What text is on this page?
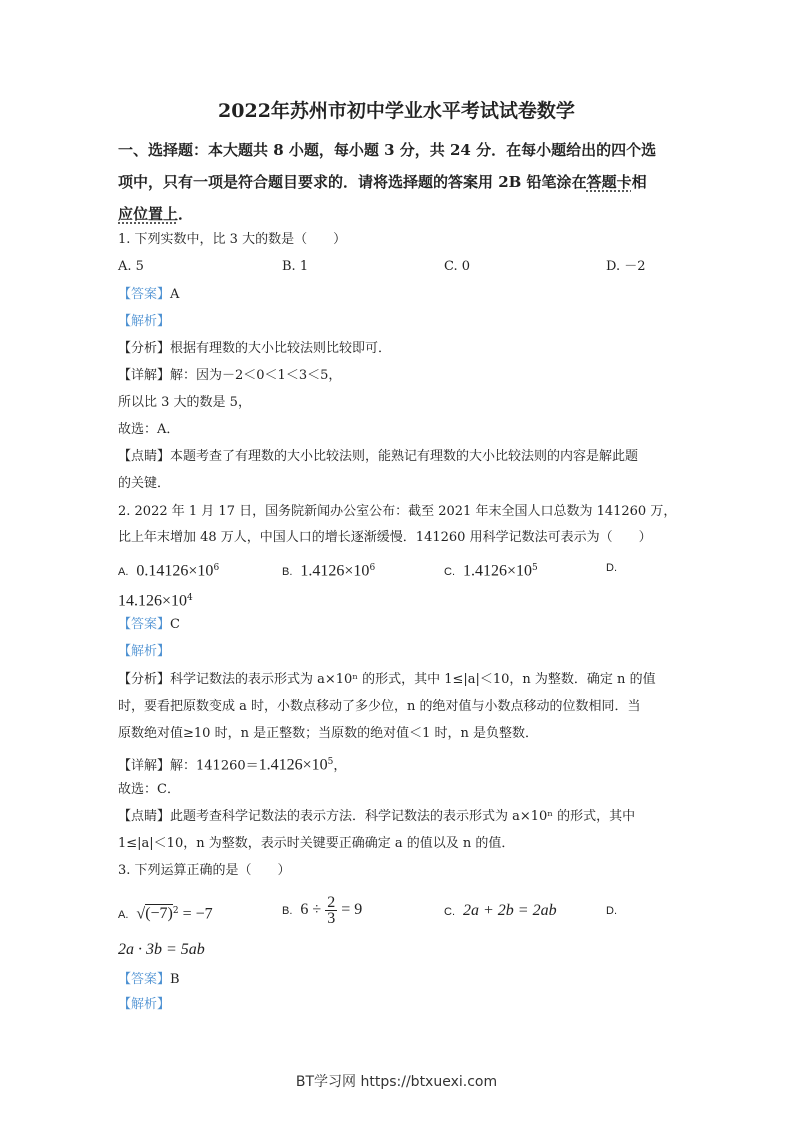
2022年苏州市初中学业水平考试试卷数学
一、选择题：本大题共 8 小题，每小题 3 分，共 24 分．在每小题给出的四个选
项中，只有一项是符合题目要求的．请将选择题的答案用 2B 铅笔涂在答题卡相
应位置上．
1. 下列实数中，比 3 大的数是（　　）
A. 5	B. 1	C. 0	D. －2
【答案】A
【解析】
【分析】根据有理数的大小比较法则比较即可．
【详解】解：因为－2＜0＜1＜3＜5，
所以比 3 大的数是 5，
故选：A．
【点睛】本题考查了有理数的大小比较法则，能熟记有理数的大小比较法则的内容是解此题
的关键．
2. 2022 年 1 月 17 日，国务院新闻办公室公布：截至 2021 年末全国人口总数为 141260 万，
比上年末增加 48 万人，中国人口的增长逐渐缓慢．141260 用科学记数法可表示为（　　）
A. $0.14126\times 10^6$	B. $1.4126\times 10^6$	C. $1.4126\times 10^5$	D.
$14.126\times 10^4$
【答案】C
【解析】
【分析】科学记数法的表示形式为 a×10ⁿ 的形式，其中 1≤|a|＜10，n 为整数．确定 n 的值
时，要看把原数变成 a 时，小数点移动了多少位，n 的绝对值与小数点移动的位数相同．当
原数绝对值≥10 时，n 是正整数；当原数的绝对值＜1 时，n 是负整数．
【详解】解：$141260=1.4126\times 10^5$，
故选：C．
【点睛】此题考查科学记数法的表示方法．科学记数法的表示形式为 a×10ⁿ 的形式，其中
1≤|a|＜10，n 为整数，表示时关键要正确确定 a 的值以及 n 的值．
3. 下列运算正确的是（　　）
A. $√(-7)^2 = -7$	B. $6 \div \frac{2}{3} = 9$	C. 2a + 2b = 2ab	D.
2a · 3b = 5ab
【答案】B
【解析】
BT学习网 https://btxuexi.com
